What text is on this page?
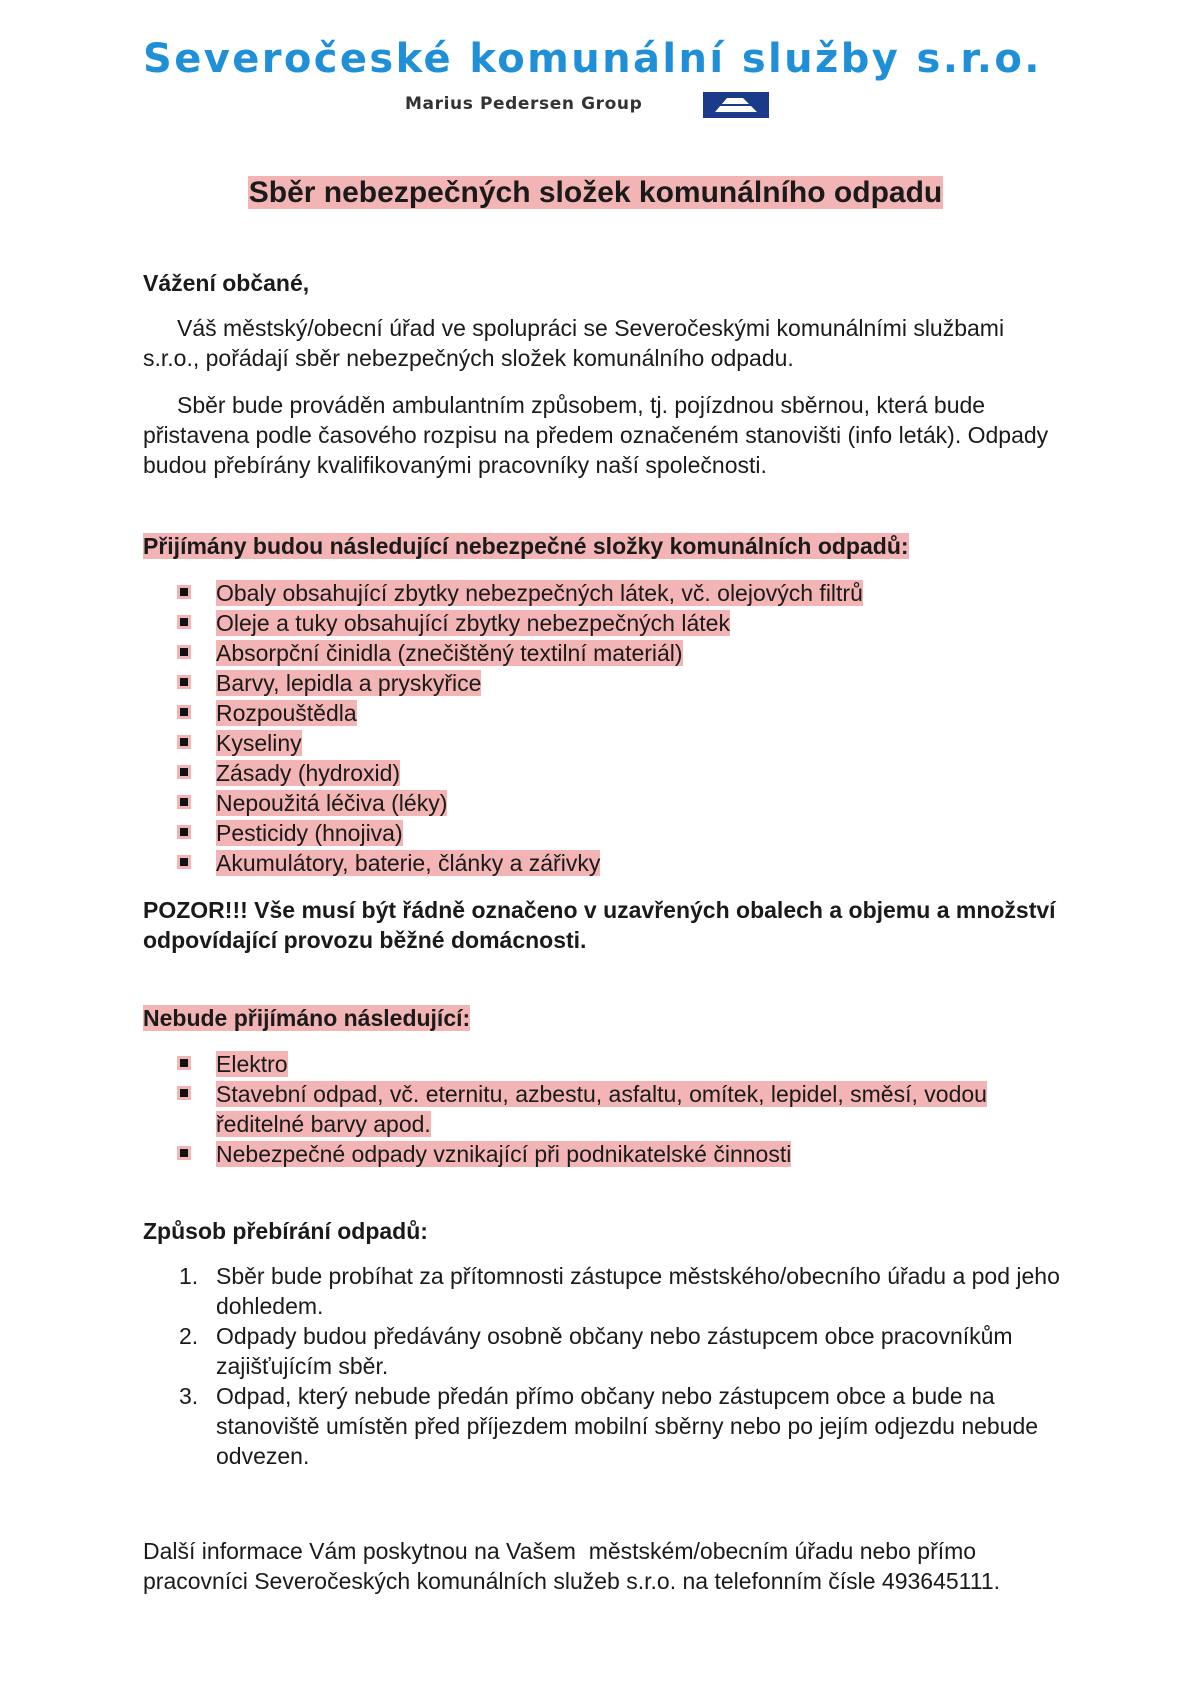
Severočeské komunální služby s.r.o.
Marius Pedersen Group
Sběr nebezpečných složek komunálního odpadu
Vážení občané,
Váš městský/obecní úřad ve spolupráci se Severočeskými komunálními službami s.r.o., pořádají sběr nebezpečných složek komunálního odpadu.
Sběr bude prováděn ambulantním způsobem, tj. pojízdnou sběrnou, která bude přistavena podle časového rozpisu na předem označeném stanovišti (info leták). Odpady budou přebírány kvalifikovanými pracovníky naší společnosti.
Přijímány budou následující nebezpečné složky komunálních odpadů:
Obaly obsahující zbytky nebezpečných látek, vč. olejových filtrů
Oleje a tuky obsahující zbytky nebezpečných látek
Absorpční činidla (znečištěný textilní materiál)
Barvy, lepidla a pryskyřice
Rozpouštědla
Kyseliny
Zásady (hydroxid)
Nepoužitá léčiva (léky)
Pesticidy (hnojiva)
Akumulátory, baterie, články a zářivky
POZOR!!! Vše musí být řádně označeno v uzavřených obalech a objemu a množství odpovídající provozu běžné domácnosti.
Nebude přijímáno následující:
Elektro
Stavební odpad, vč. eternitu, azbestu, asfaltu, omítek, lepidel, směsí, vodou ředitelné barvy apod.
Nebezpečné odpady vznikající při podnikatelské činnosti
Způsob přebírání odpadů:
1. Sběr bude probíhat za přítomnosti zástupce městského/obecního úřadu a pod jeho dohledem.
2. Odpady budou předávány osobně občany nebo zástupcem obce pracovníkům zajišťujícím sběr.
3. Odpad, který nebude předán přímo občany nebo zástupcem obce a bude na stanoviště umístěn před příjezdem mobilní sběrny nebo po jejím odjezdu nebude odvezen.
Další informace Vám poskytnou na Vašem  městském/obecním úřadu nebo přímo pracovníci Severočeských komunálních služeb s.r.o. na telefonním čísle 493645111.
